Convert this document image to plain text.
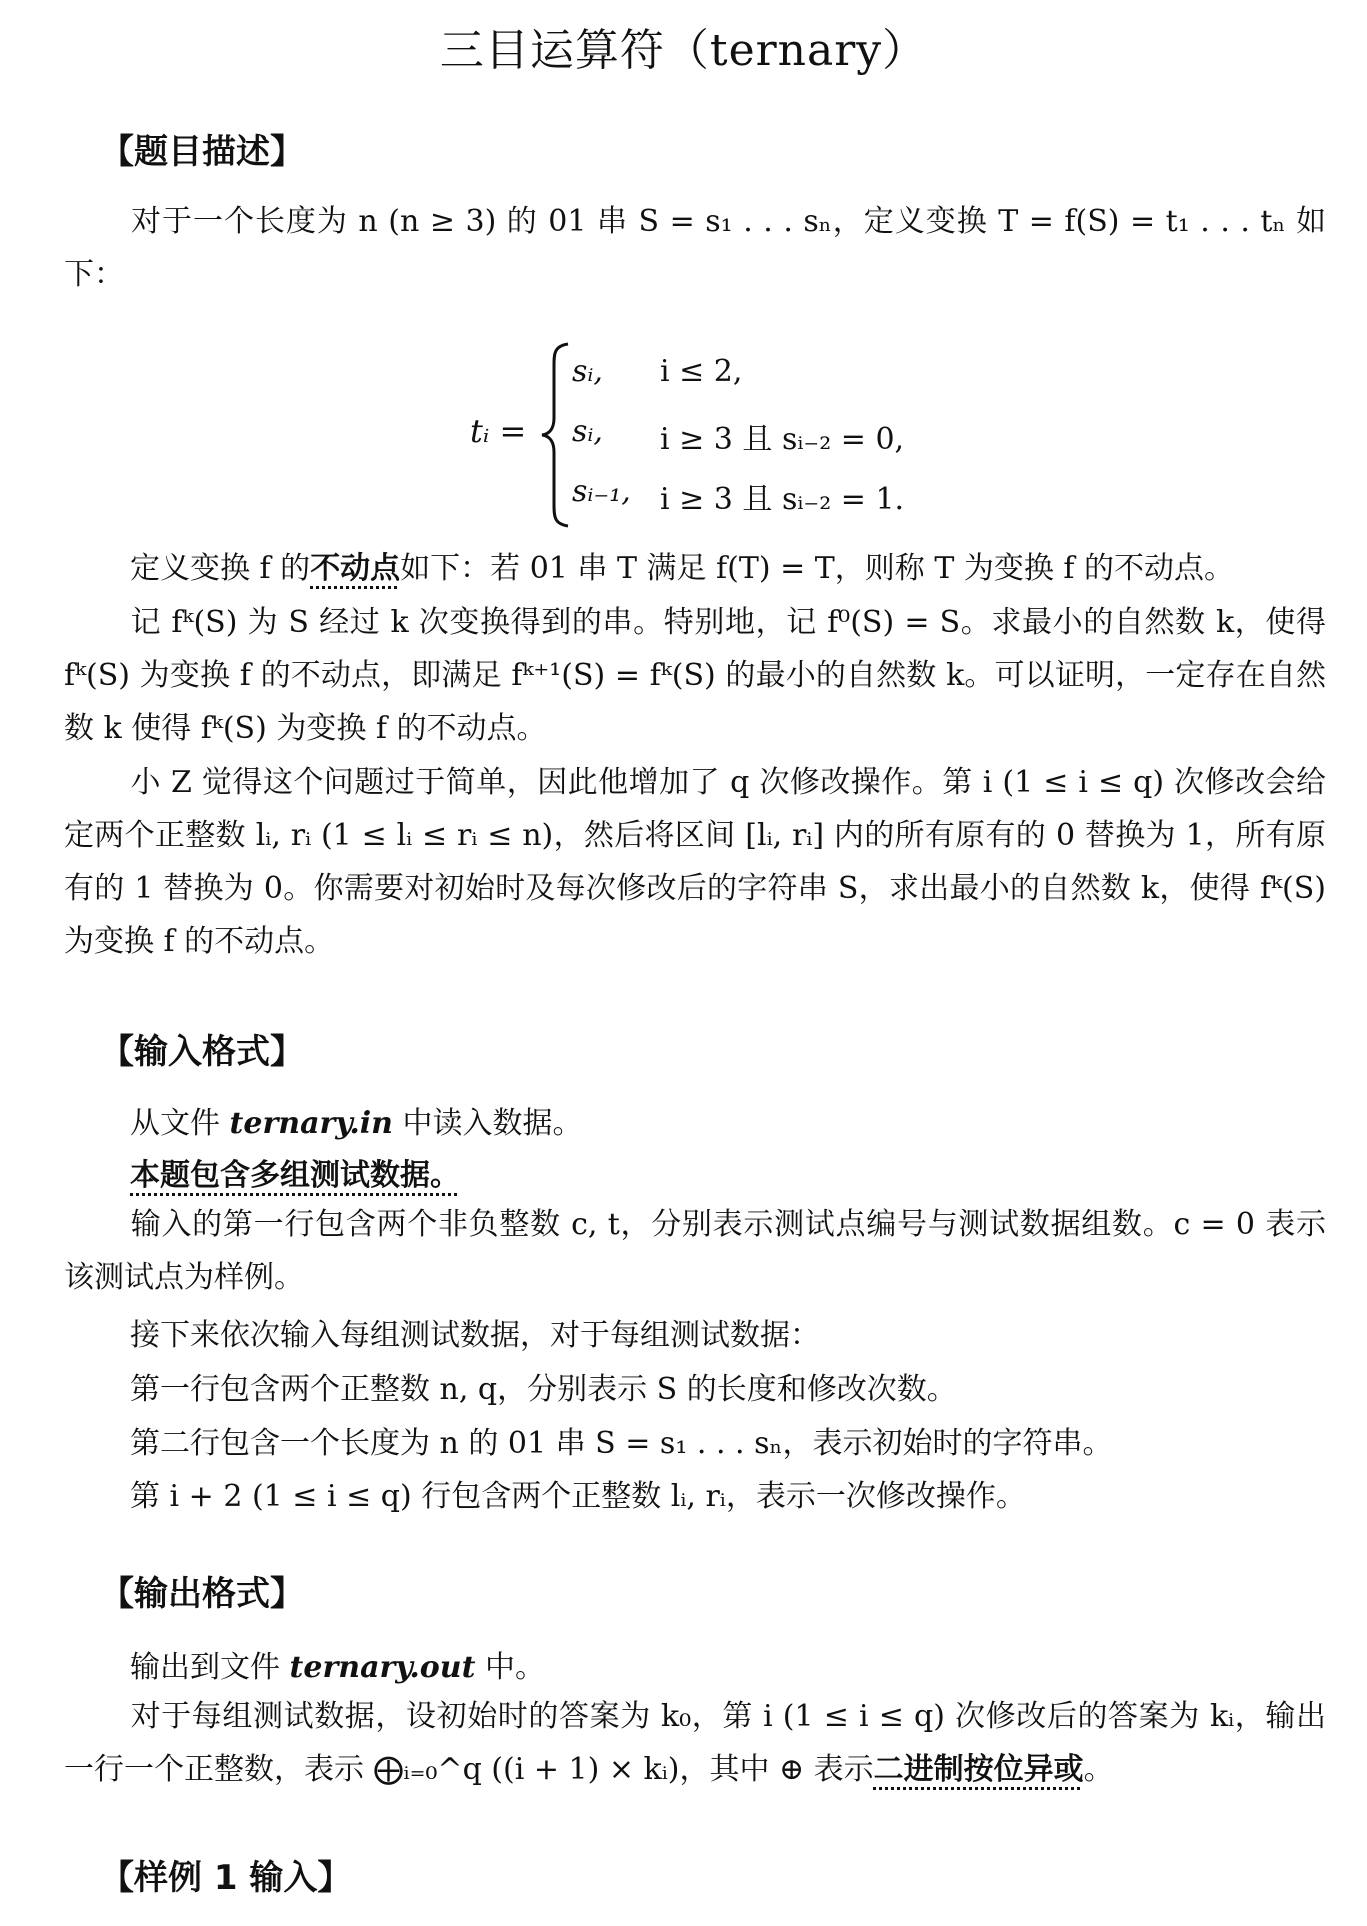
三目运算符（ternary）
【题目描述】
对于一个长度为 n (n ≥ 3) 的 01 串 S = s₁ . . . sₙ，定义变换 T = f(S) = t₁ . . . tₙ 如下：
tᵢ =
sᵢ, i ≤ 2,
sᵢ, i ≥ 3 且 sᵢ₋₂ = 0,
sᵢ₋₁, i ≥ 3 且 sᵢ₋₂ = 1.
定义变换 f 的不动点如下：若 01 串 T 满足 f(T) = T，则称 T 为变换 f 的不动点。
记 fᵏ(S) 为 S 经过 k 次变换得到的串。特别地，记 f⁰(S) = S。求最小的自然数 k，使得 fᵏ(S) 为变换 f 的不动点，即满足 fᵏ⁺¹(S) = fᵏ(S) 的最小的自然数 k。可以证明，一定存在自然数 k 使得 fᵏ(S) 为变换 f 的不动点。
小 Z 觉得这个问题过于简单，因此他增加了 q 次修改操作。第 i (1 ≤ i ≤ q) 次修改会给定两个正整数 lᵢ, rᵢ (1 ≤ lᵢ ≤ rᵢ ≤ n)，然后将区间 [lᵢ, rᵢ] 内的所有原有的 0 替换为 1，所有原有的 1 替换为 0。你需要对初始时及每次修改后的字符串 S，求出最小的自然数 k，使得 fᵏ(S) 为变换 f 的不动点。
【输入格式】
从文件 ternary.in 中读入数据。
本题包含多组测试数据。
输入的第一行包含两个非负整数 c, t，分别表示测试点编号与测试数据组数。c = 0 表示该测试点为样例。
接下来依次输入每组测试数据，对于每组测试数据：
第一行包含两个正整数 n, q，分别表示 S 的长度和修改次数。
第二行包含一个长度为 n 的 01 串 S = s₁ . . . sₙ，表示初始时的字符串。
第 i + 2 (1 ≤ i ≤ q) 行包含两个正整数 lᵢ, rᵢ，表示一次修改操作。
【输出格式】
输出到文件 ternary.out 中。
对于每组测试数据，设初始时的答案为 k₀，第 i (1 ≤ i ≤ q) 次修改后的答案为 kᵢ，输出一行一个正整数，表示 ⨁ᵢ₌₀^q ((i + 1) × kᵢ)，其中 ⊕ 表示二进制按位异或。
【样例 1 输入】
